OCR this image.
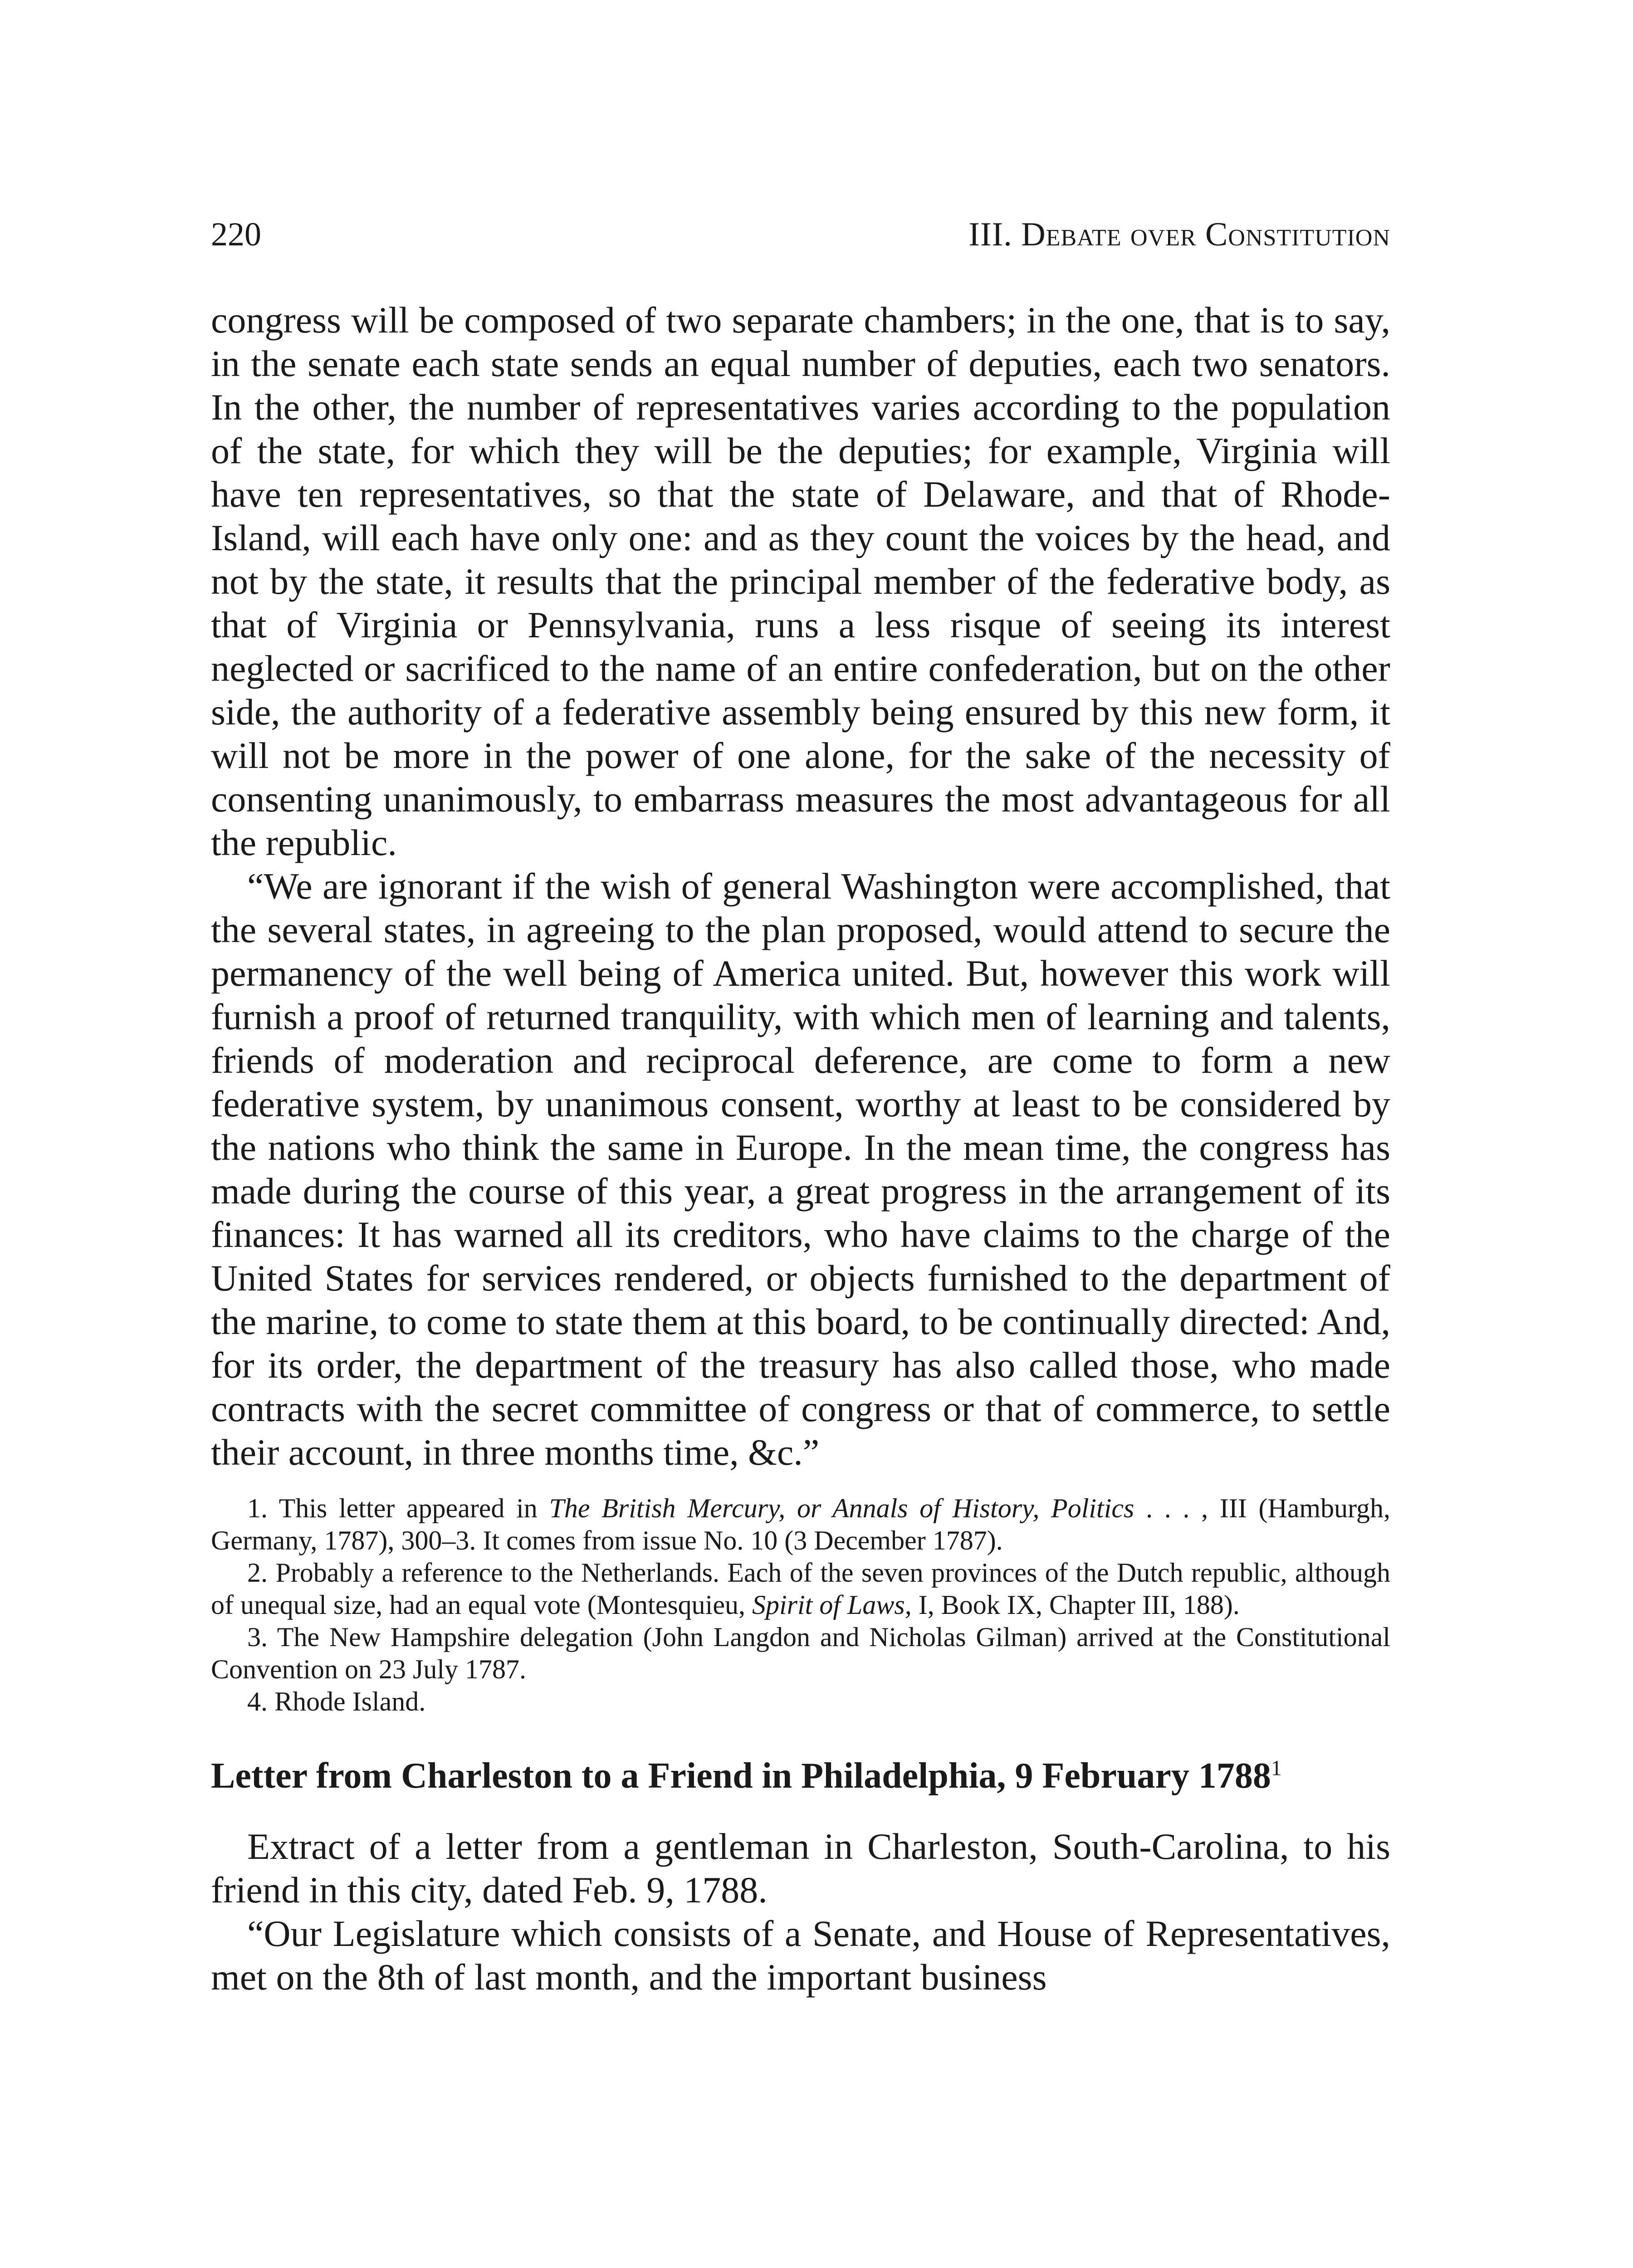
220	III. Debate over Constitution

congress will be composed of two separate chambers; in the one, that is to say, in the senate each state sends an equal number of deputies, each two senators. In the other, the number of representatives varies according to the population of the state, for which they will be the deputies; for example, Virginia will have ten representatives, so that the state of Delaware, and that of Rhode-Island, will each have only one: and as they count the voices by the head, and not by the state, it results that the principal member of the federative body, as that of Virginia or Pennsylvania, runs a less risque of seeing its interest neglected or sacrificed to the name of an entire confederation, but on the other side, the authority of a federative assembly being ensured by this new form, it will not be more in the power of one alone, for the sake of the necessity of consenting unanimously, to embarrass measures the most advantageous for all the republic.

“We are ignorant if the wish of general Washington were accomplished, that the several states, in agreeing to the plan proposed, would attend to secure the permanency of the well being of America united. But, however this work will furnish a proof of returned tranquility, with which men of learning and talents, friends of moderation and reciprocal deference, are come to form a new federative system, by unanimous consent, worthy at least to be considered by the nations who think the same in Europe. In the mean time, the congress has made during the course of this year, a great progress in the arrangement of its finances: It has warned all its creditors, who have claims to the charge of the United States for services rendered, or objects furnished to the department of the marine, to come to state them at this board, to be continually directed: And, for its order, the department of the treasury has also called those, who made contracts with the secret committee of congress or that of commerce, to settle their account, in three months time, &c.”

1. This letter appeared in The British Mercury, or Annals of History, Politics . . . , III (Hamburgh, Germany, 1787), 300–3. It comes from issue No. 10 (3 December 1787).

2. Probably a reference to the Netherlands. Each of the seven provinces of the Dutch republic, although of unequal size, had an equal vote (Montesquieu, Spirit of Laws, I, Book IX, Chapter III, 188).

3. The New Hampshire delegation (John Langdon and Nicholas Gilman) arrived at the Constitutional Convention on 23 July 1787.

4. Rhode Island.

Letter from Charleston to a Friend in Philadelphia, 9 February 1788$^1$

Extract of a letter from a gentleman in Charleston, South-Carolina, to his friend in this city, dated Feb. 9, 1788.

“Our Legislature which consists of a Senate, and House of Representatives, met on the 8th of last month, and the important business
